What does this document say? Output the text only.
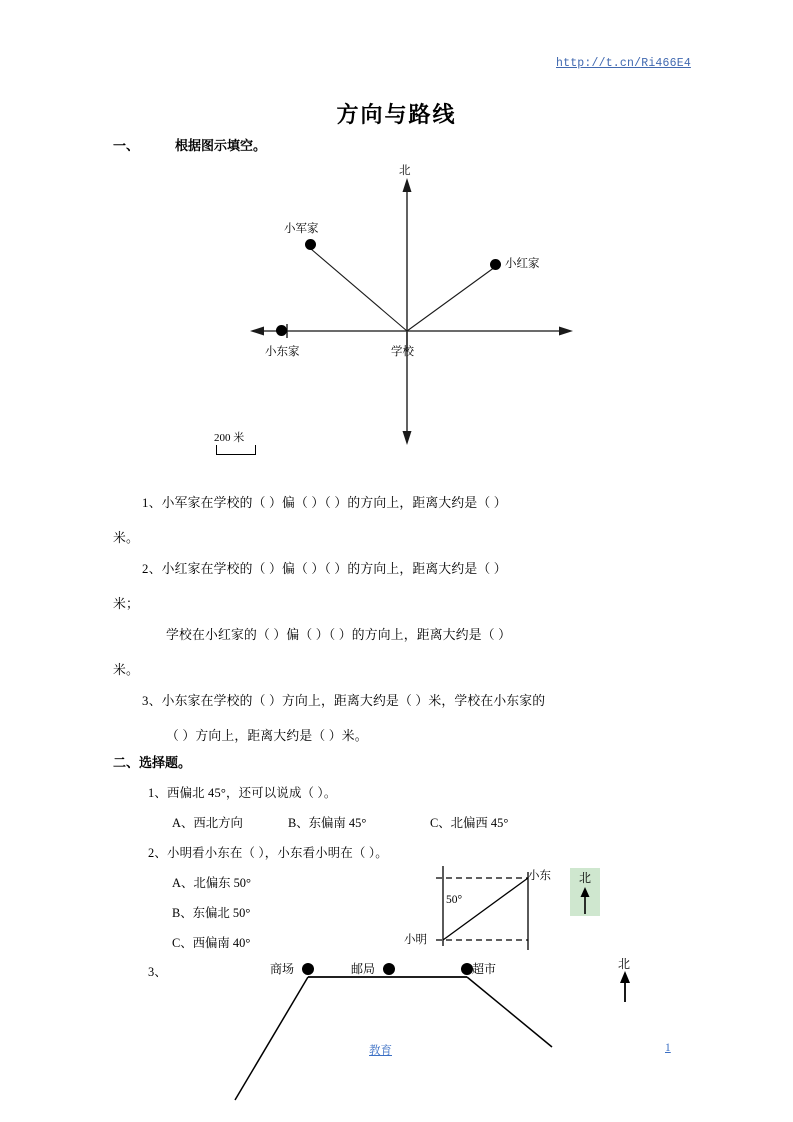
http://t.cn/Ri466E4
方向与路线
一、	根据图示填空。
北
小军家
小红家
小东家	学校
200 米
1、小军家在学校的（ ）偏（ ）（ ）的方向上，距离大约是（ ）
米。
2、小红家在学校的（ ）偏（ ）（ ）的方向上，距离大约是（ ）
米；
学校在小红家的（ ）偏（ ）（ ）的方向上，距离大约是（ ）
米。
3、小东家在学校的（ ）方向上，距离大约是（ ）米，学校在小东家的
（ ）方向上，距离大约是（ ）米。
二、选择题。
1、西偏北 45°，还可以说成（ ）。
A、西北方向	B、东偏南 45°	C、北偏西 45°
2、小明看小东在（ ），小东看小明在（ ）。
A、北偏东 50°
B、东偏北 50°
C、西偏南 40°
50°
小明
小东	北
3、	商场	邮局	超市	北
教育	1
